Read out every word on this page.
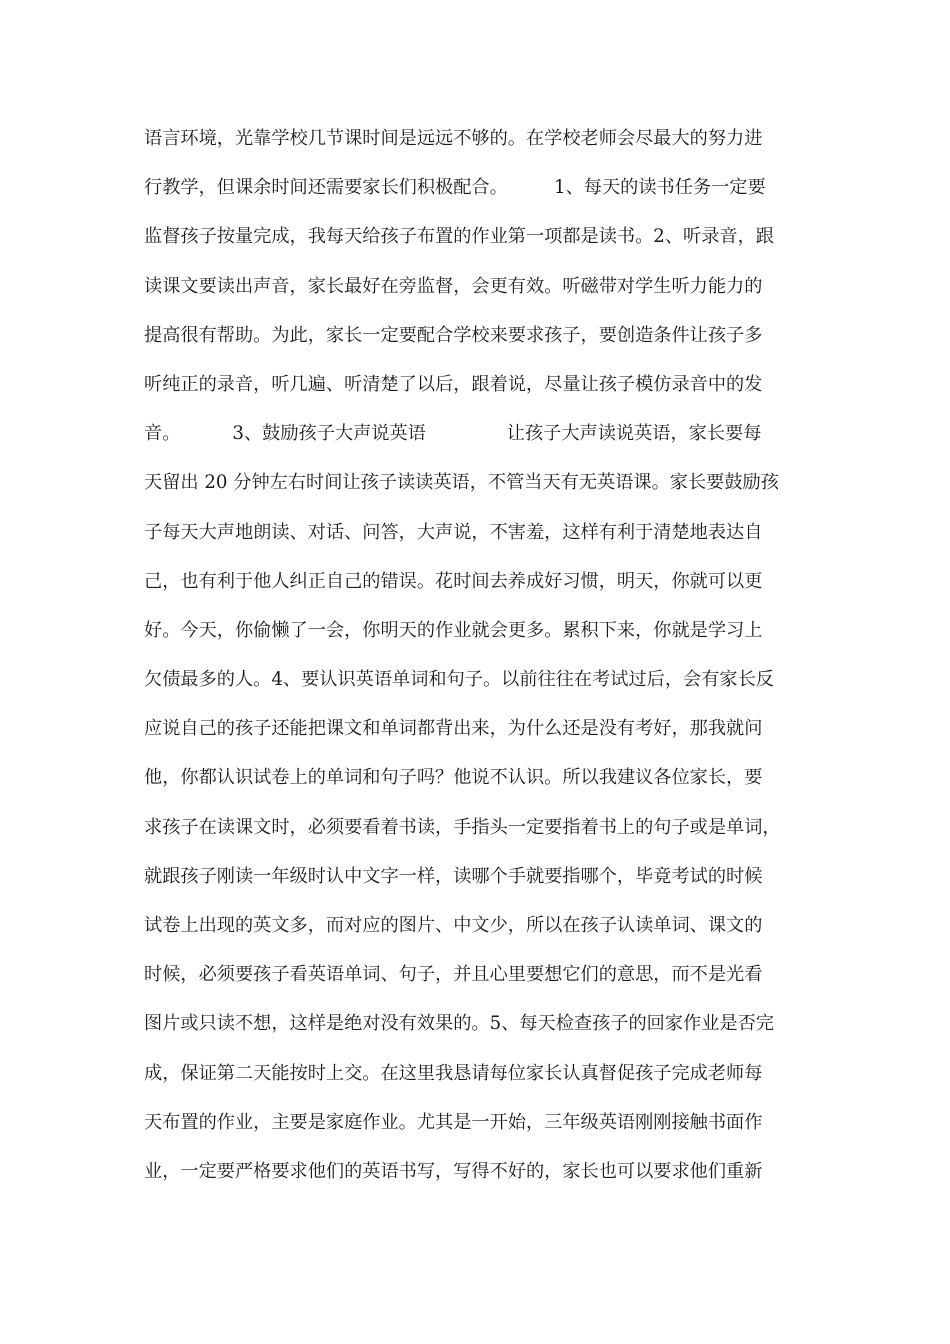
语言环境，光靠学校几节课时间是远远不够的。在学校老师会尽最大的努力进
行教学，但课余时间还需要家长们积极配合。        1、每天的读书任务一定要
监督孩子按量完成，我每天给孩子布置的作业第一项都是读书。2、听录音，跟
读课文要读出声音，家长最好在旁监督，会更有效。听磁带对学生听力能力的
提高很有帮助。为此，家长一定要配合学校来要求孩子，要创造条件让孩子多
听纯正的录音，听几遍、听清楚了以后，跟着说，尽量让孩子模仿录音中的发
音。         3、鼓励孩子大声说英语              让孩子大声读说英语，家长要每
天留出 20 分钟左右时间让孩子读读英语，不管当天有无英语课。家长要鼓励孩
子每天大声地朗读、对话、问答，大声说，不害羞，这样有利于清楚地表达自
己，也有利于他人纠正自己的错误。花时间去养成好习惯，明天，你就可以更
好。今天，你偷懒了一会，你明天的作业就会更多。累积下来，你就是学习上
欠债最多的人。4、要认识英语单词和句子。以前往往在考试过后，会有家长反
应说自己的孩子还能把课文和单词都背出来，为什么还是没有考好，那我就问
他，你都认识试卷上的单词和句子吗？他说不认识。所以我建议各位家长，要
求孩子在读课文时，必须要看着书读，手指头一定要指着书上的句子或是单词，
就跟孩子刚读一年级时认中文字一样，读哪个手就要指哪个，毕竟考试的时候
试卷上出现的英文多，而对应的图片、中文少，所以在孩子认读单词、课文的
时候，必须要孩子看英语单词、句子，并且心里要想它们的意思，而不是光看
图片或只读不想，这样是绝对没有效果的。5、每天检查孩子的回家作业是否完
成，保证第二天能按时上交。在这里我恳请每位家长认真督促孩子完成老师每
天布置的作业，主要是家庭作业。尤其是一开始，三年级英语刚刚接触书面作
业，一定要严格要求他们的英语书写，写得不好的，家长也可以要求他们重新
